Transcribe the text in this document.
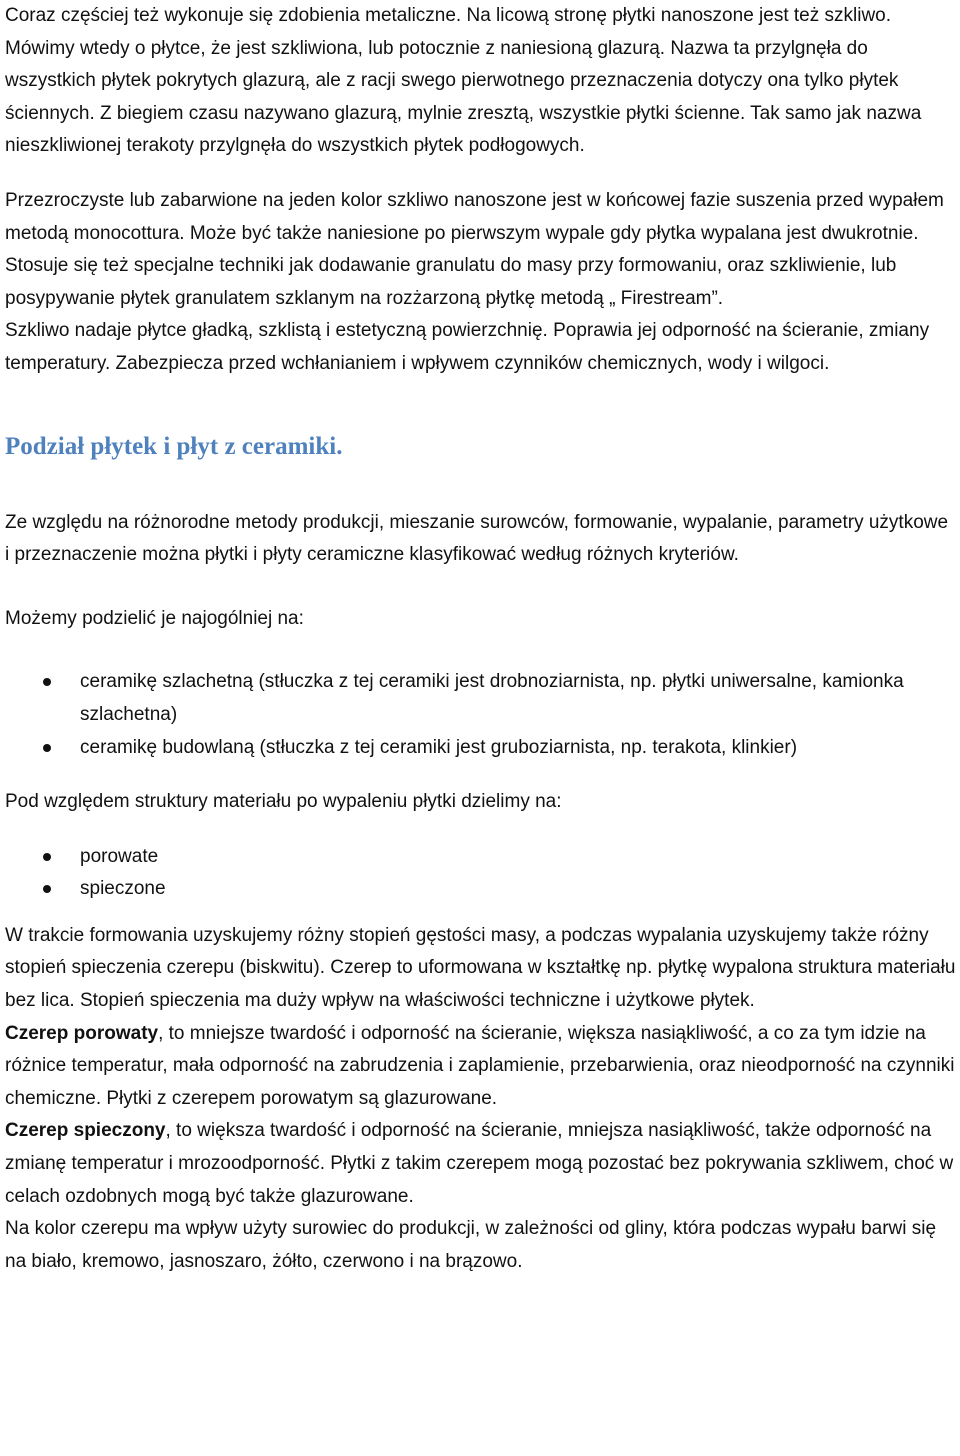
Coraz częściej też wykonuje się zdobienia metaliczne. Na licową stronę płytki nanoszone jest też szkliwo. Mówimy wtedy o płytce, że jest szkliwiona, lub potocznie z naniesioną glazurą. Nazwa ta przylgnęła do wszystkich płytek pokrytych glazurą, ale z racji swego pierwotnego przeznaczenia dotyczy ona tylko płytek ściennych. Z biegiem czasu nazywano glazurą, mylnie zresztą, wszystkie płytki ścienne. Tak samo jak nazwa nieszkliwionej terakoty przylgnęła do wszystkich płytek podłogowych.

Przezroczyste lub zabarwione na jeden kolor szkliwo nanoszone jest w końcowej fazie suszenia przed wypałem metodą monocottura. Może być także naniesione po pierwszym wypale gdy płytka wypalana jest dwukrotnie. Stosuje się też specjalne techniki jak dodawanie granulatu do masy przy formowaniu, oraz szkliwienie, lub posypywanie płytek granulatem szklanym na rozżarzoną płytkę metodą „ Firestream”.

Szkliwo nadaje płytce gładką, szklistą i estetyczną powierzchnię. Poprawia jej odporność na ścieranie, zmiany temperatury. Zabezpiecza przed wchłanianiem i wpływem czynników chemicznych, wody i wilgoci.

Podział płytek i płyt z ceramiki.

Ze względu na różnorodne metody produkcji, mieszanie surowców, formowanie, wypalanie, parametry użytkowe i przeznaczenie można płytki i płyty ceramiczne klasyfikować według różnych kryteriów.

Możemy podzielić je najogólniej na:

ceramikę szlachetną (stłuczka z tej ceramiki jest drobnoziarnista, np. płytki uniwersalne, kamionka szlachetna)
ceramikę budowlaną (stłuczka z tej ceramiki jest gruboziarnista, np. terakota, klinkier)

Pod względem struktury materiału po wypaleniu płytki dzielimy na:

porowate
spieczone

W trakcie formowania uzyskujemy różny stopień gęstości masy, a podczas wypalania uzyskujemy także różny stopień spieczenia czerepu (biskwitu). Czerep to uformowana w kształtkę np. płytkę wypalona struktura materiału bez lica. Stopień spieczenia ma duży wpływ na właściwości techniczne i użytkowe płytek.

Czerep porowaty, to mniejsze twardość i odporność na ścieranie, większa nasiąkliwość, a co za tym idzie na różnice temperatur, mała odporność na zabrudzenia i zaplamienie, przebarwienia, oraz nieodporność na czynniki chemiczne. Płytki z czerepem porowatym są glazurowane.

Czerep spieczony, to większa twardość i odporność na ścieranie, mniejsza nasiąkliwość, także odporność na zmianę temperatur i mrozoodporność. Płytki z takim czerepem mogą pozostać bez pokrywania szkliwem, choć w celach ozdobnych mogą być także glazurowane.

Na kolor czerepu ma wpływ użyty surowiec do produkcji, w zależności od gliny, która podczas wypału barwi się na biało, kremowo, jasnoszaro, żółto, czerwono i na brązowo.
